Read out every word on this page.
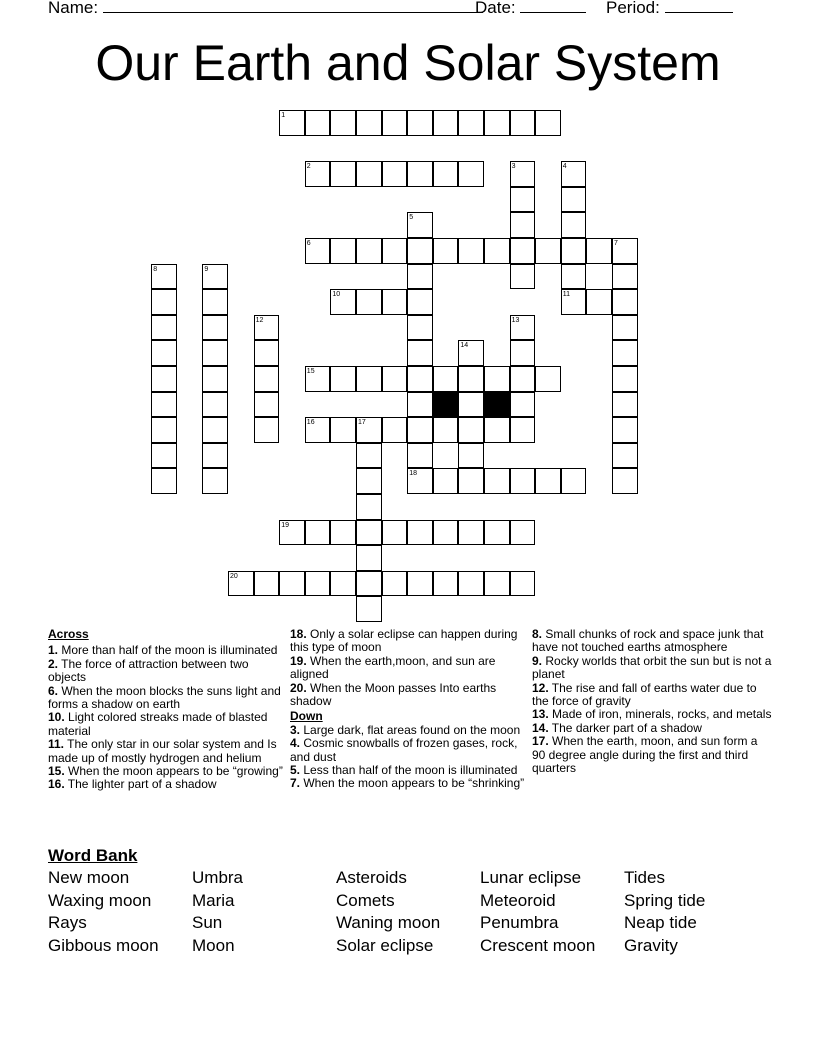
Name:	Date:	Period:
Our Earth and Solar System
1
2	3	4
5
6	7
8	9
10	11
12	13
14
15
16	17
18
19
20

Across

1. More than half of the moon is illuminated

2. The force of attraction between two objects

6. When the moon blocks the suns light and forms a shadow on earth

10. Light colored streaks made of blasted material

11. The only star in our solar system and Is made up of mostly hydrogen and helium

15. When the moon appears to be “growing”

16. The lighter part of a shadow

18. Only a solar eclipse can happen during this type of moon

19. When the earth,moon, and sun are aligned

20. When the Moon passes Into earths shadow

Down

3. Large dark, flat areas found on the moon

4. Cosmic snowballs of frozen gases, rock, and dust

5. Less than half of the moon is illuminated

7. When the moon appears to be “shrinking”

8. Small chunks of rock and space junk that have not touched earths atmosphere

9. Rocky worlds that orbit the sun but is not a planet

12. The rise and fall of earths water due to the force of gravity

13. Made of iron, minerals, rocks, and metals

14. The darker part of a shadow

17. When the earth, moon, and sun form a 90 degree angle during the first and third quarters

Word Bank
New moon
Waxing moon
Rays
Gibbous moon
Umbra
Maria
Sun
Moon
Asteroids
Comets
Waning moon
Solar eclipse
Lunar eclipse
Meteoroid
Penumbra
Crescent moon
Tides
Spring tide
Neap tide
Gravity
